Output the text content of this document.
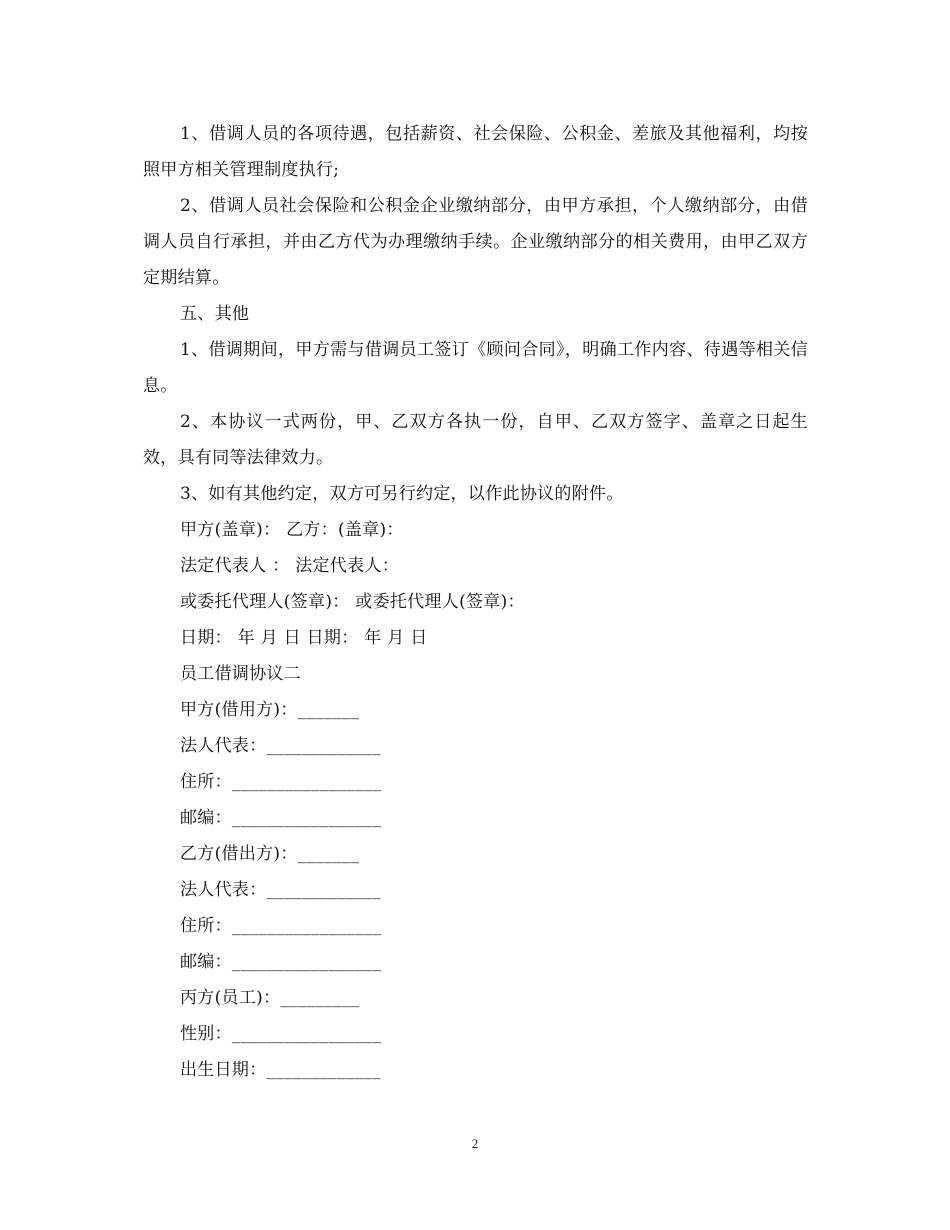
1、借调人员的各项待遇，包括薪资、社会保险、公积金、差旅及其他福利，均按照甲方相关管理制度执行;

2、借调人员社会保险和公积金企业缴纳部分，由甲方承担，个人缴纳部分，由借调人员自行承担，并由乙方代为办理缴纳手续。企业缴纳部分的相关费用，由甲乙双方定期结算。

五、其他

1、借调期间，甲方需与借调员工签订《顾问合同》，明确工作内容、待遇等相关信息。

2、本协议一式两份，甲、乙双方各执一份，自甲、乙双方签字、盖章之日起生效，具有同等法律效力。

3、如有其他约定，双方可另行约定，以作此协议的附件。

甲方(盖章)： 乙方：(盖章)：

法定代表人 ： 法定代表人：

或委托代理人(签章)： 或委托代理人(签章)：

日期： 年 月 日 日期： 年 月 日

员工借调协议二

甲方(借用方)：_______

法人代表：_____________

住所：_________________

邮编：_________________

乙方(借出方)：_______

法人代表：_____________

住所：_________________

邮编：_________________

丙方(员工)：_________

性别：_________________

出生日期：_____________

2
